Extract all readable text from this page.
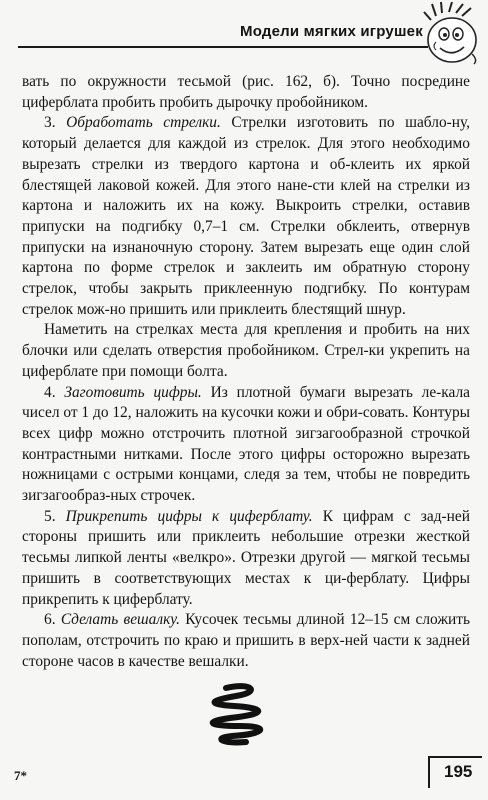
Модели мягких игрушек

вать по окружности тесьмой (рис. 162, б). Точно посредине циферблата пробить пробить дырочку пробойником.

3. Обработать стрелки. Стрелки изготовить по шабло-ну, который делается для каждой из стрелок. Для этого необходимо вырезать стрелки из твердого картона и об-клеить их яркой блестящей лаковой кожей. Для этого нане-сти клей на стрелки из картона и наложить их на кожу. Выкроить стрелки, оставив припуски на подгибку 0,7–1 см. Стрелки обклеить, отвернув припуски на изнаночную сторону. Затем вырезать еще один слой картона по форме стрелок и заклеить им обратную сторону стрелок, чтобы закрыть приклеенную подгибку. По контурам стрелок мож-но пришить или приклеить блестящий шнур.

Наметить на стрелках места для крепления и пробить на них блочки или сделать отверстия пробойником. Стрел-ки укрепить на циферблате при помощи болта.

4. Заготовить цифры. Из плотной бумаги вырезать ле-кала чисел от 1 до 12, наложить на кусочки кожи и обри-совать. Контуры всех цифр можно отстрочить плотной зигзагообразной строчкой контрастными нитками. После этого цифры осторожно вырезать ножницами с острыми концами, следя за тем, чтобы не повредить зигзагообраз-ных строчек.

5. Прикрепить цифры к циферблату. К цифрам с зад-ней стороны пришить или приклеить небольшие отрезки жесткой тесьмы липкой ленты «велкро». Отрезки другой — мягкой тесьмы пришить в соответствующих местах к ци-ферблату. Цифры прикрепить к циферблату.

6. Сделать вешалку. Кусочек тесьмы длиной 12–15 см сложить пополам, отстрочить по краю и пришить в верх-ней части к задней стороне часов в качестве вешалки.

7*	195
